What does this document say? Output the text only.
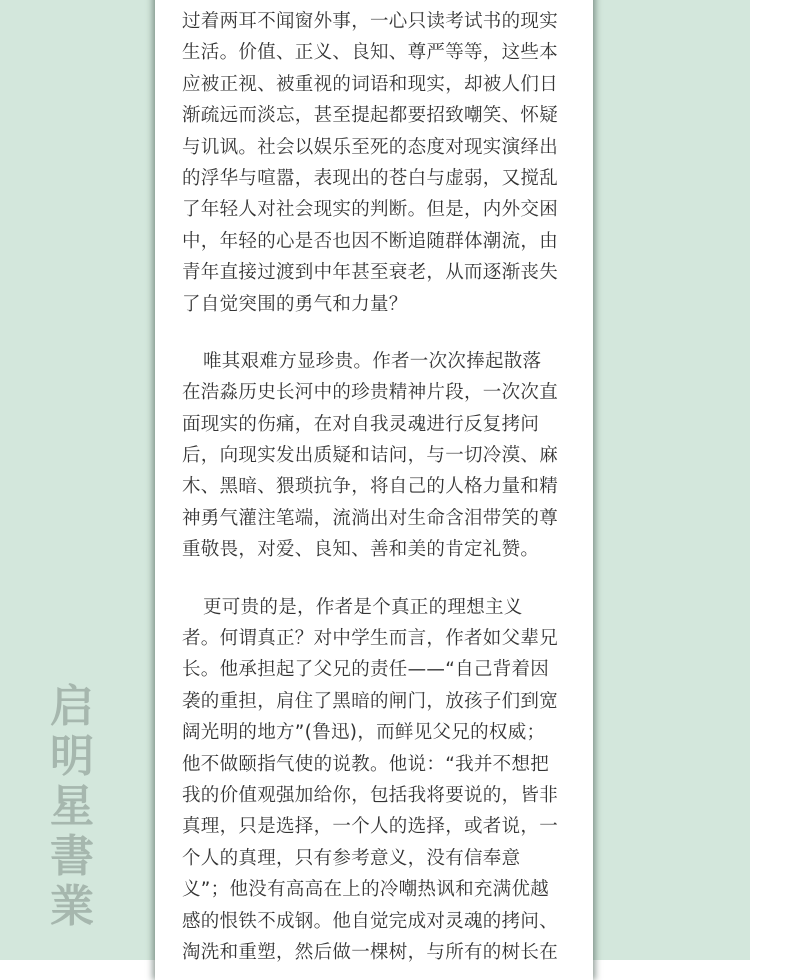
过着两耳不闻窗外事，一心只读考试书的现实
生活。价值、正义、良知、尊严等等，这些本
应被正视、被重视的词语和现实，却被人们日
渐疏远而淡忘，甚至提起都要招致嘲笑、怀疑
与讥讽。社会以娱乐至死的态度对现实演绎出
的浮华与喧嚣，表现出的苍白与虚弱，又搅乱
了年轻人对社会现实的判断。但是，内外交困
中，年轻的心是否也因不断追随群体潮流，由
青年直接过渡到中年甚至衰老，从而逐渐丧失
了自觉突围的勇气和力量？
唯其艰难方显珍贵。作者一次次捧起散落
在浩淼历史长河中的珍贵精神片段，一次次直
面现实的伤痛，在对自我灵魂进行反复拷问
后，向现实发出质疑和诘问，与一切冷漠、麻
木、黑暗、猥琐抗争，将自己的人格力量和精
神勇气灌注笔端，流淌出对生命含泪带笑的尊
重敬畏，对爱、良知、善和美的肯定礼赞。
更可贵的是，作者是个真正的理想主义
者。何谓真正？对中学生而言，作者如父辈兄
长。他承担起了父兄的责任——“自己背着因
袭的重担，肩住了黑暗的闸门，放孩子们到宽
阔光明的地方”(鲁迅)，而鲜见父兄的权威；
他不做颐指气使的说教。他说：“我并不想把
我的价值观强加给你，包括我将要说的，皆非
真理，只是选择，一个人的选择，或者说，一
个人的真理，只有参考意义，没有信奉意
义”；他没有高高在上的冷嘲热讽和充满优越
感的恨铁不成钢。他自觉完成对灵魂的拷问、
淘洗和重塑，然后做一棵树，与所有的树长在
启
明
星
書
業
